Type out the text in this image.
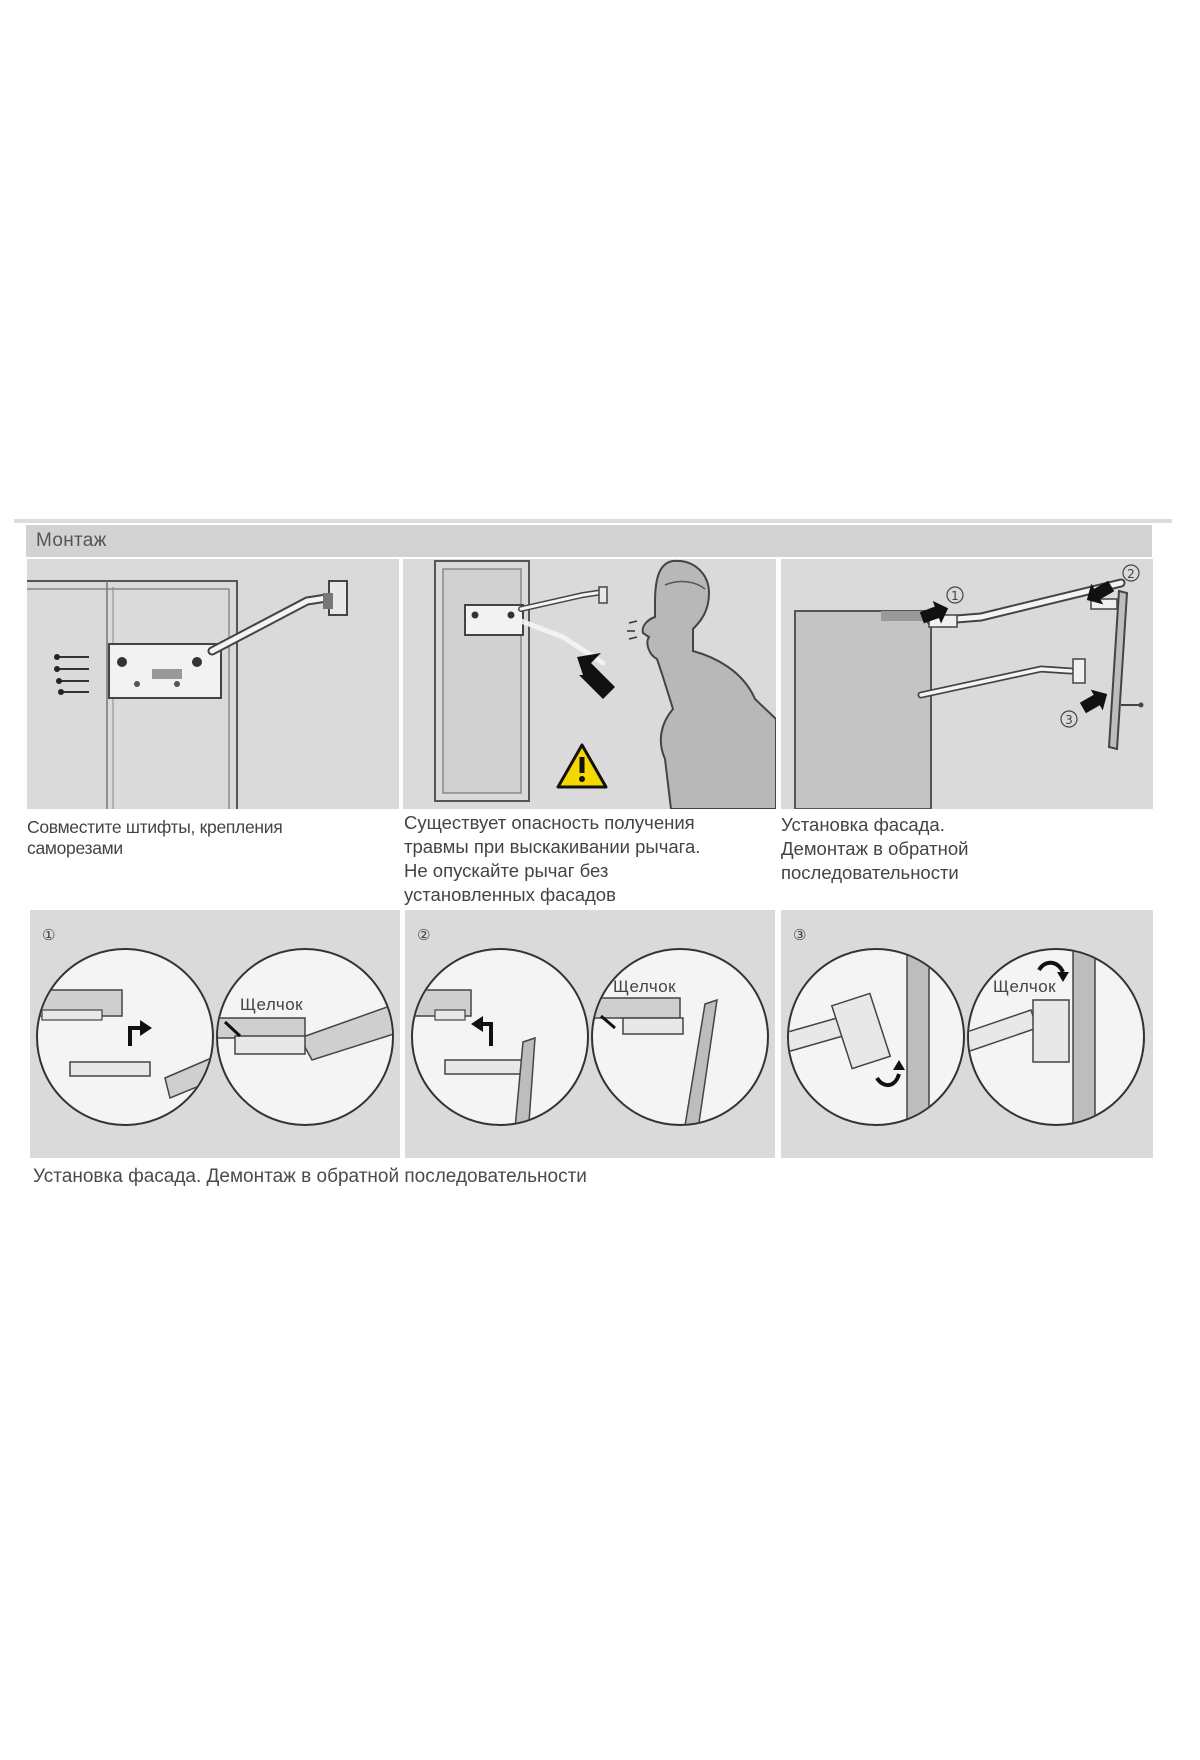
Монтаж
Совместите штифты, крепления
саморезами
Существует опасность получения
травмы при выскакивании рычага.
Не опускайте рычаг без
установленных фасадов
1
2
3
Установка фасада.
Демонтаж в обратной
последовательности
①
Щелчок
②
Щелчок
③
Щелчок
Установка фасада. Демонтаж в обратной последовательности
